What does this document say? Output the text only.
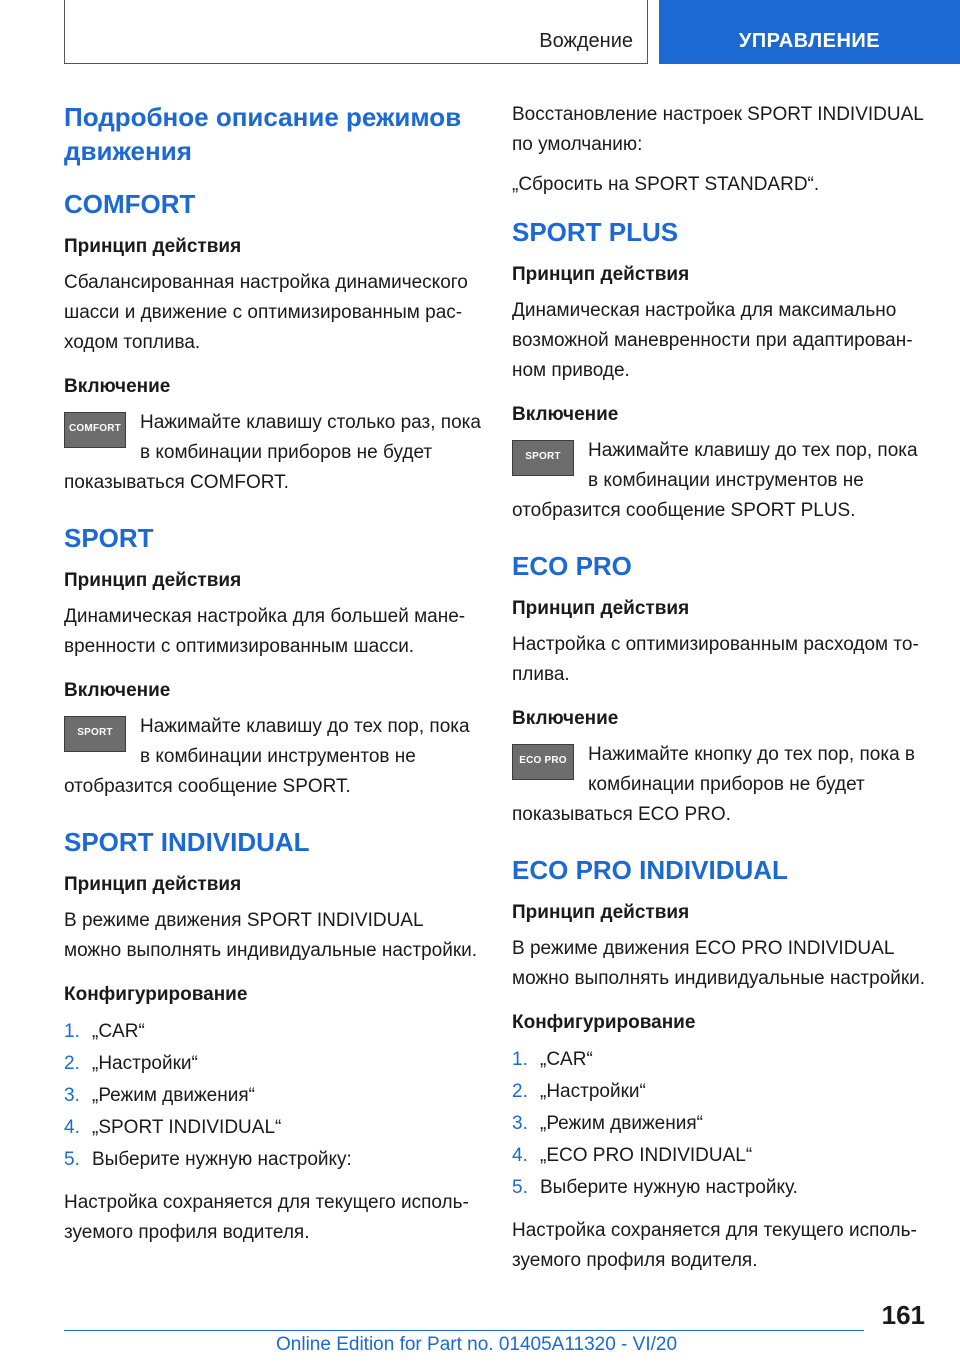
Вождение	УПРАВЛЕНИЕ
Подробное описание режимов движения
COMFORT
Принцип действия
Сбалансированная настройка динамического шасси и движение с оптимизированным расходом топлива.
Включение
COMFORT Нажимайте клавишу столько раз, пока в комбинации приборов не будет показываться COMFORT.
SPORT
Принцип действия
Динамическая настройка для большей маневренности с оптимизированным шасси.
Включение
SPORT	Нажимайте клавишу до тех пор, пока в комбинации инструментов не отобразится сообщение SPORT.
SPORT INDIVIDUAL
Принцип действия
В режиме движения SPORT INDIVIDUAL можно выполнять индивидуальные настройки.
Конфигурирование
1. „CAR“
2. „Настройки“
3. „Режим движения“
4. „SPORT INDIVIDUAL“
5. Выберите нужную настройку:
Настройка сохраняется для текущего используемого профиля водителя.
Восстановление настроек SPORT INDIVIDUAL по умолчанию:
„Сбросить на SPORT STANDARD“.
SPORT PLUS
Принцип действия
Динамическая настройка для максимально возможной маневренности при адаптированном приводе.
Включение
SPORT	Нажимайте клавишу до тех пор, пока в комбинации инструментов не отобразится сообщение SPORT PLUS.
ECO PRO
Принцип действия
Настройка с оптимизированным расходом топлива.
Включение
ECO PRO	Нажимайте кнопку до тех пор, пока в комбинации приборов не будет показываться ECO PRO.
ECO PRO INDIVIDUAL
Принцип действия
В режиме движения ECO PRO INDIVIDUAL можно выполнять индивидуальные настройки.
Конфигурирование
1. „CAR“
2. „Настройки“
3. „Режим движения“
4. „ECO PRO INDIVIDUAL“
5. Выберите нужную настройку.
Настройка сохраняется для текущего используемого профиля водителя.
161
Online Edition for Part no. 01405A11320 - VI/20
